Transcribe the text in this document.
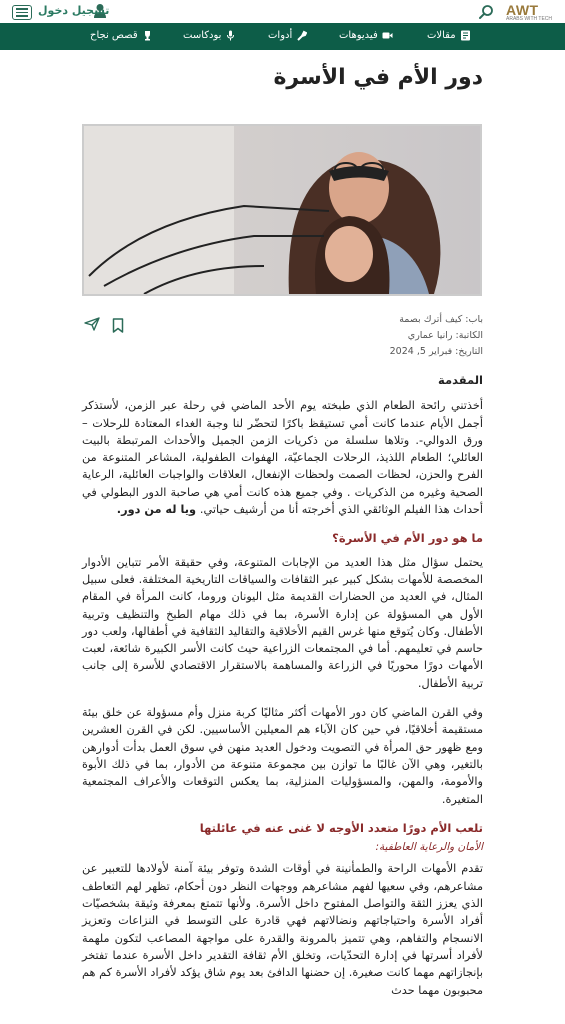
AWT
ARABS WITH TECH
تسجيل دخول
مقالات
فيديوهات
أدوات
بودكاست
قصص نجاح
دور الأم في الأسرة
باب: كيف أترك بصمة
الكاتبة: رانيا عماري
التاريخ: فبراير 5, 2024
المقدمة

أخذتني رائحة الطعام الذي طبخته يوم الأحد الماضي في رحلة عبر الزمن، لأستذكر أجمل الأيام عندما كانت أمي تستيقظ باكرًا لتحضّر لنا وجبة الغداء المعتادة للرحلات –ورق الدوالي-. وتلاها سلسلة من ذكريات الزمن الجميل والأحداث المرتبطة بالبيت العائلي؛ الطعام اللذيذ، الرحلات الجماعيّة، الهفوات الطفولية، المشاعر المتنوعة من الفرح والحزن، لحظات الصمت ولحظات الإنفعال، العلاقات والواجبات العائلية، الرعاية الصحية وغيره من الذكريات . وفي جميع هذه كانت أمي هي صاحبة الدور البطولي في أحداث هذا الفيلم الوثائقي الذي أخرجته أنا من أرشيف حياتي. ويا له من دور.

ما هو دور الأم في الأسرة؟

يحتمل سؤال مثل هذا العديد من الإجابات المتنوعة، وفي حقيقة الأمر تتباين الأدوار المخصصة للأمهات بشكل كبير عبر الثقافات والسياقات التاريخية المختلفة. فعلى سبيل المثال، في العديد من الحضارات القديمة مثل اليونان وروما، كانت المرأة في المقام الأول هي المسؤولة عن إدارة الأسرة، بما في ذلك مهام الطبخ والتنظيف وتربية الأطفال. وكان يُتوقع منها غرس القيم الأخلاقية والتقاليد الثقافية في أطفالها، ولعب دور حاسم في تعليمهم. أما في المجتمعات الزراعية حيث كانت الأسر الكبيرة شائعة، لعبت الأمهات دورًا محوريًا في الزراعة والمساهمة بالاستقرار الاقتصادي للأسرة إلى جانب تربية الأطفال.

وفي القرن الماضي كان دور الأمهات أكثر مثاليًا كربة منزل وأم مسؤولة عن خلق بيئة مستقيمة أخلاقيًا، في حين كان الآباء هم المعيلين الأساسيين. لكن في القرن العشرين ومع ظهور حق المرأة في التصويت ودخول العديد منهن في سوق العمل بدأت أدوارهن بالتغير، وهي الآن غالبًا ما توازن بين مجموعة متنوعة من الأدوار، بما في ذلك الأبوة والأمومة، والمهن، والمسؤوليات المنزلية، بما يعكس التوقعات والأعراف المجتمعية المتغيرة.

تلعب الأم دورًا متعدد الأوجه لا غنى عنه في عائلتها
الأمان والرعاية العاطفية:

تقدم الأمهات الراحة والطمأنينة في أوقات الشدة وتوفر بيئة آمنة لأولادها للتعبير عن مشاعرهم، وفي سعيها لفهم مشاعرهم ووجهات النظر دون أحكام، تظهر لهم التعاطف الذي يعزز الثقة والتواصل المفتوح داخل الأسرة. ولأنها تتمتع بمعرفة وثيقة بشخصيّات أفراد الأسرة واحتياجاتهم ونضالاتهم فهي قادرة على التوسط في النزاعات وتعزيز الانسجام والتفاهم، وهي تتميز بالمرونة والقدرة على مواجهة المصاعب لتكون ملهمة لأفراد أسرتها في إدارة التحدّيات، وتخلق الأم ثقافة التقدير داخل الأسرة عندما تفتخر بإنجازاتهم مهما كانت صغيرة. إن حضنها الدافئ بعد يوم شاق يؤكد لأفراد الأسرة كم هم محبوبون مهما حدث
